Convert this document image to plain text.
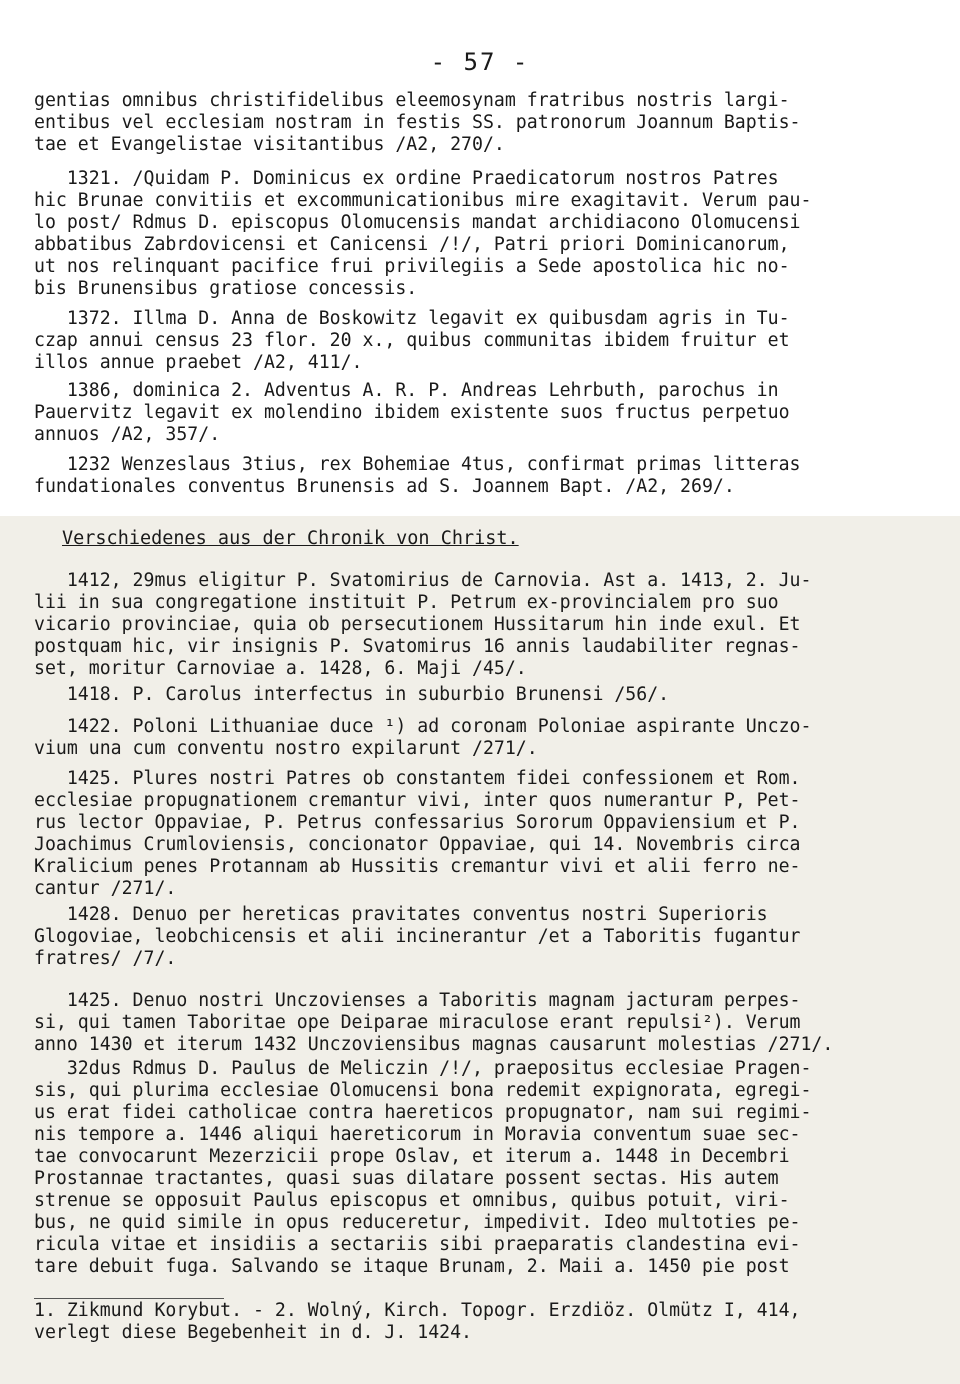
- 57 -
gentias omnibus christifidelibus eleemosynam fratribus nostris largi-
entibus vel ecclesiam nostram in festis SS. patronorum Joannum Baptis-
tae et Evangelistae visitantibus /A2, 270/.
1321. /Quidam P. Dominicus ex ordine Praedicatorum nostros Patres
hic Brunae convitiis et excommunicationibus mire exagitavit. Verum pau-
lo post/ Rdmus D. episcopus Olomucensis mandat archidiacono Olomucensi
abbatibus Zabrdovicensi et Canicensi /!/, Patri priori Dominicanorum,
ut nos relinquant pacifice frui privilegiis a Sede apostolica hic no-
bis Brunensibus gratiose concessis.
1372. Illma D. Anna de Boskowitz legavit ex quibusdam agris in Tu-
czap annui census 23 flor. 20 x., quibus communitas ibidem fruitur et
illos annue praebet /A2, 411/.
1386, dominica 2. Adventus A. R. P. Andreas Lehrbuth, parochus in
Pauervitz legavit ex molendino ibidem existente suos fructus perpetuo
annuos /A2, 357/.
1232 Wenzeslaus 3tius, rex Bohemiae 4tus, confirmat primas litteras
fundationales conventus Brunensis ad S. Joannem Bapt. /A2, 269/.
Verschiedenes aus der Chronik von Christ.
1412, 29mus eligitur P. Svatomirius de Carnovia. Ast a. 1413, 2. Ju-
lii in sua congregatione instituit P. Petrum ex-provincialem pro suo
vicario provinciae, quia ob persecutionem Hussitarum hin inde exul. Et
postquam hic, vir insignis P. Svatomirus 16 annis laudabiliter regnas-
set, moritur Carnoviae a. 1428, 6. Maji /45/.
1418. P. Carolus interfectus in suburbio Brunensi /56/.
1422. Poloni Lithuaniae duce ¹) ad coronam Poloniae aspirante Unczo-
vium una cum conventu nostro expilarunt /271/.
1425. Plures nostri Patres ob constantem fidei confessionem et Rom.
ecclesiae propugnationem cremantur vivi, inter quos numerantur P, Pet-
rus lector Oppaviae, P. Petrus confessarius Sororum Oppaviensium et P.
Joachimus Crumloviensis, concionator Oppaviae, qui 14. Novembris circa
Kralicium penes Protannam ab Hussitis cremantur vivi et alii ferro ne-
cantur /271/.
1428. Denuo per hereticas pravitates conventus nostri Superioris
Glogoviae, leobchicensis et alii incinerantur /et a Taboritis fugantur
fratres/ /7/.
1425. Denuo nostri Unczovienses a Taboritis magnam jacturam perpes-
si, qui tamen Taboritae ope Deiparae miraculose erant repulsi²). Verum
anno 1430 et iterum 1432 Unczoviensibus magnas causarunt molestias /271/.
32dus Rdmus D. Paulus de Meliczin /!/, praepositus ecclesiae Pragen-
sis, qui plurima ecclesiae Olomucensi bona redemit expignorata, egregi-
us erat fidei catholicae contra haereticos propugnator, nam sui regimi-
nis tempore a. 1446 aliqui haereticorum in Moravia conventum suae sec-
tae convocarunt Mezerzicii prope Oslav, et iterum a. 1448 in Decembri
Prostannae tractantes, quasi suas dilatare possent sectas. His autem
strenue se opposuit Paulus episcopus et omnibus, quibus potuit, viri-
bus, ne quid simile in opus reduceretur, impedivit. Ideo multoties pe-
ricula vitae et insidiis a sectariis sibi praeparatis clandestina evi-
tare debuit fuga. Salvando se itaque Brunam, 2. Maii a. 1450 pie post
1. Zikmund Korybut. - 2. Wolný, Kirch. Topogr. Erzdiöz. Olmütz I, 414,
verlegt diese Begebenheit in d. J. 1424.
